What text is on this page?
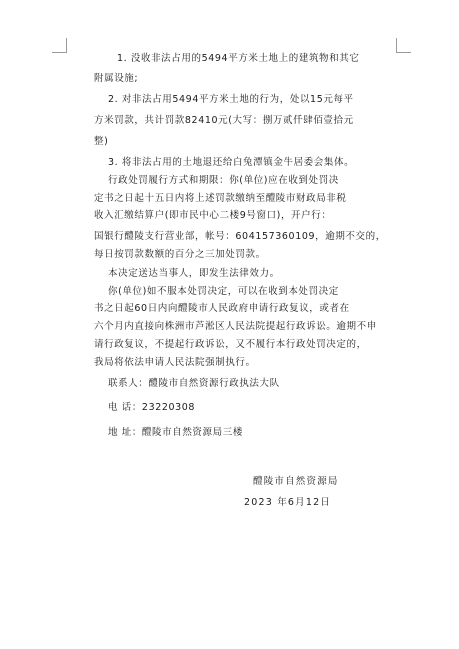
1. 没收非法占用的5494平方米土地上的建筑物和其它
附属设施;
2. 对非法占用5494平方米土地的行为，处以15元每平
方米罚款，共计罚款82410元(大写：捌万贰仟肆佰壹拾元
整)
3. 将非法占用的土地退还给白兔潭镇金牛居委会集体。
行政处罚履行方式和期限：你(单位)应在收到处罚决
定书之日起十五日内将上述罚款缴纳至醴陵市财政局非税
收入汇缴结算户(即市民中心二楼9号窗口)，开户行：
国银行醴陵支行营业部，帐号：604157360109，逾期不交的，
每日按罚款数额的百分之三加处罚款。
本决定送达当事人，即发生法律效力。
你(单位)如不服本处罚决定，可以在收到本处罚决定
书之日起60日内向醴陵市人民政府申请行政复议，或者在
六个月内直接向株洲市芦淞区人民法院提起行政诉讼。逾期不申
请行政复议，不提起行政诉讼，又不履行本行政处罚决定的，
我局将依法申请人民法院强制执行。
联系人：醴陵市自然资源行政执法大队
电 话：23220308
地 址：醴陵市自然资源局三楼
醴陵市自然资源局
2023 年6月12日
